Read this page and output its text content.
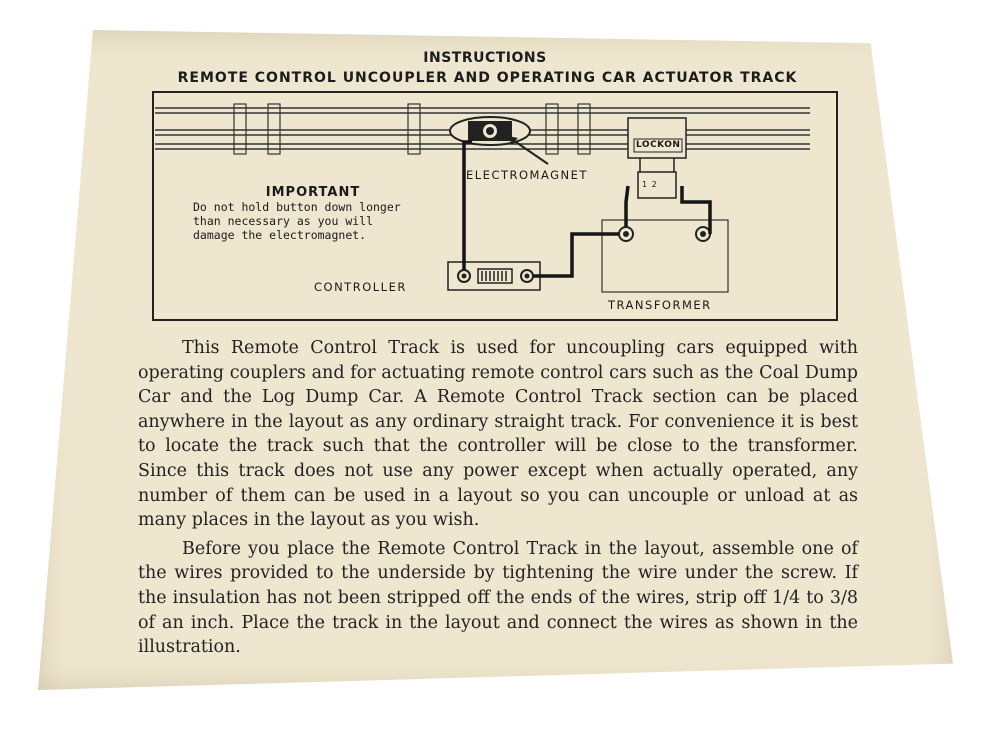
INSTRUCTIONS
REMOTE CONTROL UNCOUPLER AND OPERATING CAR ACTUATOR TRACK
ELECTROMAGNET
LOCKON
1 2
CONTROLLER
TRANSFORMER
IMPORTANT
Do not hold button down longer
than necessary as you will
damage the electromagnet.

This Remote Control Track is used for uncoupling cars equipped with operating couplers and for actuating remote control cars such as the Coal Dump Car and the Log Dump Car. A Remote Control Track section can be placed anywhere in the layout as any ordinary straight track. For convenience it is best to locate the track such that the controller will be close to the transformer. Since this track does not use any power except when actually operated, any number of them can be used in a layout so you can uncouple or unload at as many places in the layout as you wish.

Before you place the Remote Control Track in the layout, assemble one of the wires provided to the underside by tightening the wire under the screw. If the insulation has not been stripped off the ends of the wires, strip off 1/4 to 3/8 of an inch. Place the track in the layout and connect the wires as shown in the illustration.
